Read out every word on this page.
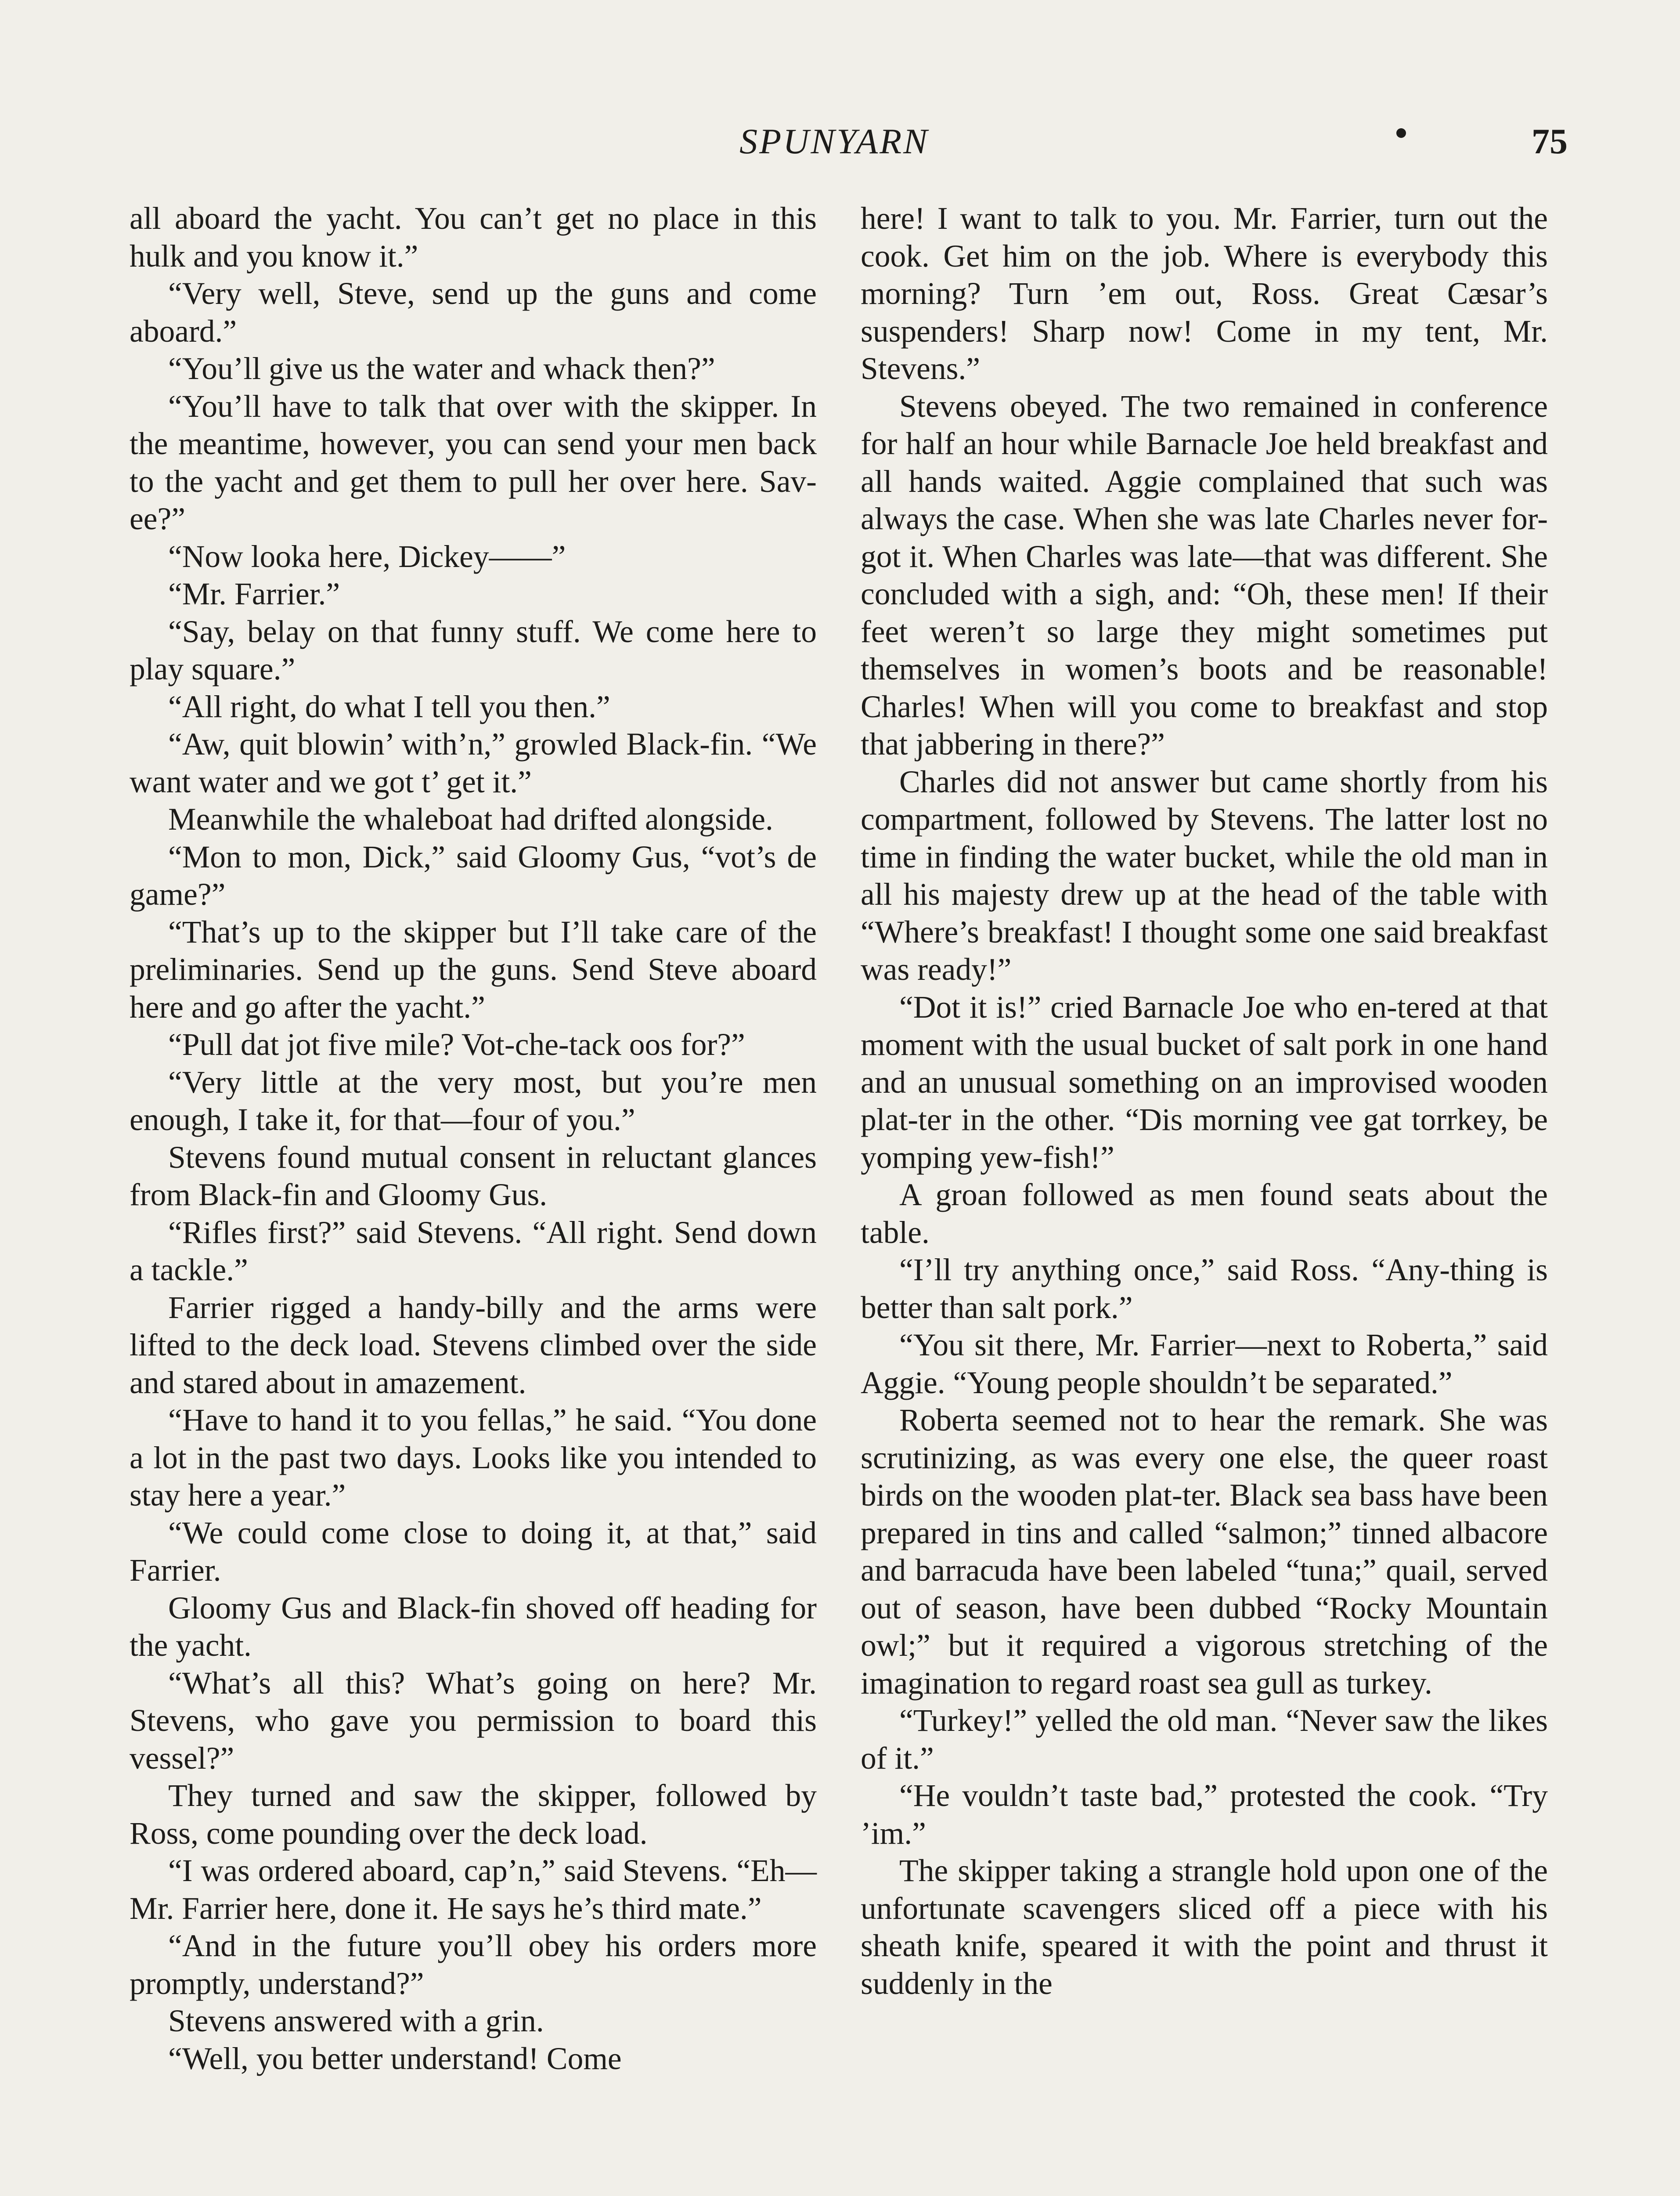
SPUNYARN	75

all aboard the yacht. You can’t get no place in this hulk and you know it.”

“Very well, Steve, send up the guns and come aboard.”

“You’ll give us the water and whack then?”

“You’ll have to talk that over with the skipper. In the meantime, however, you can send your men back to the yacht and get them to pull her over here. Sav-ee?”

“Now looka here, Dickey——”

“Mr. Farrier.”

“Say, belay on that funny stuff. We come here to play square.”

“All right, do what I tell you then.”

“Aw, quit blowin’ with’n,” growled Black-fin. “We want water and we got t’ get it.”

Meanwhile the whaleboat had drifted alongside.

“Mon to mon, Dick,” said Gloomy Gus, “vot’s de game?”

“That’s up to the skipper but I’ll take care of the preliminaries. Send up the guns. Send Steve aboard here and go after the yacht.”

“Pull dat jot five mile? Vot-che-tack oos for?”

“Very little at the very most, but you’re men enough, I take it, for that—four of you.”

Stevens found mutual consent in reluctant glances from Black-fin and Gloomy Gus.

“Rifles first?” said Stevens. “All right. Send down a tackle.”

Farrier rigged a handy-billy and the arms were lifted to the deck load. Stevens climbed over the side and stared about in amazement.

“Have to hand it to you fellas,” he said. “You done a lot in the past two days. Looks like you intended to stay here a year.”

“We could come close to doing it, at that,” said Farrier.

Gloomy Gus and Black-fin shoved off heading for the yacht.

“What’s all this? What’s going on here? Mr. Stevens, who gave you permission to board this vessel?”

They turned and saw the skipper, followed by Ross, come pounding over the deck load.

“I was ordered aboard, cap’n,” said Stevens. “Eh—Mr. Farrier here, done it. He says he’s third mate.”

“And in the future you’ll obey his orders more promptly, understand?”

Stevens answered with a grin.

“Well, you better understand! Come

here! I want to talk to you. Mr. Farrier, turn out the cook. Get him on the job. Where is everybody this morning? Turn ’em out, Ross. Great Cæsar’s suspenders! Sharp now! Come in my tent, Mr. Stevens.”

Stevens obeyed. The two remained in conference for half an hour while Barnacle Joe held breakfast and all hands waited. Aggie complained that such was always the case. When she was late Charles never for-got it. When Charles was late—that was different. She concluded with a sigh, and: “Oh, these men! If their feet weren’t so large they might sometimes put themselves in women’s boots and be reasonable! Charles! When will you come to breakfast and stop that jabbering in there?”

Charles did not answer but came shortly from his compartment, followed by Stevens. The latter lost no time in finding the water bucket, while the old man in all his majesty drew up at the head of the table with “Where’s breakfast! I thought some one said breakfast was ready!”

“Dot it is!” cried Barnacle Joe who en-tered at that moment with the usual bucket of salt pork in one hand and an unusual something on an improvised wooden plat-ter in the other. “Dis morning vee gat torrkey, be yomping yew-fish!”

A groan followed as men found seats about the table.

“I’ll try anything once,” said Ross. “Any-thing is better than salt pork.”

“You sit there, Mr. Farrier—next to Roberta,” said Aggie. “Young people shouldn’t be separated.”

Roberta seemed not to hear the remark. She was scrutinizing, as was every one else, the queer roast birds on the wooden plat-ter. Black sea bass have been prepared in tins and called “salmon;” tinned albacore and barracuda have been labeled “tuna;” quail, served out of season, have been dubbed “Rocky Mountain owl;” but it required a vigorous stretching of the imagination to regard roast sea gull as turkey.

“Turkey!” yelled the old man. “Never saw the likes of it.”

“He vouldn’t taste bad,” protested the cook. “Try ’im.”

The skipper taking a strangle hold upon one of the unfortunate scavengers sliced off a piece with his sheath knife, speared it with the point and thrust it suddenly in the
